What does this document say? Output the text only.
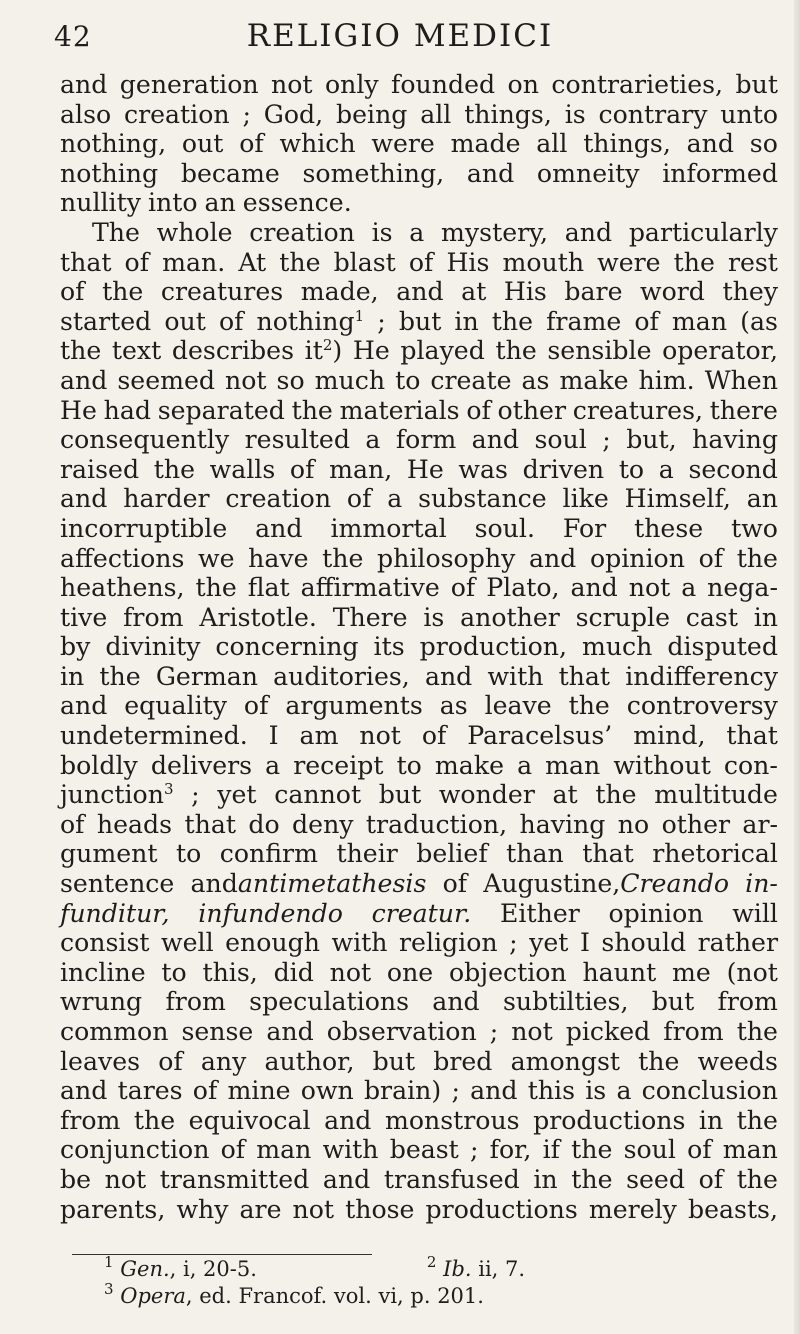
42	RELIGIO MEDICI
and generation not only founded on contrarieties, but
also creation ; God, being all things, is contrary unto
nothing, out of which were made all things, and so
nothing became something, and omneity informed
nullity into an essence.
The whole creation is a mystery, and particularly
that of man. At the blast of His mouth were the rest
of the creatures made, and at His bare word they
started out of nothing1 ; but in the frame of man (as
the text describes it2) He played the sensible operator,
and seemed not so much to create as make him. When
He had separated the materials of other creatures, there
consequently resulted a form and soul ; but, having
raised the walls of man, He was driven to a second
and harder creation of a substance like Himself, an
incorruptible and immortal soul. For these two
affections we have the philosophy and opinion of the
heathens, the flat affirmative of Plato, and not a nega-
tive from Aristotle. There is another scruple cast in
by divinity concerning its production, much disputed
in the German auditories, and with that indifferency
and equality of arguments as leave the controversy
undetermined. I am not of Paracelsus’ mind, that
boldly delivers a receipt to make a man without con-
junction3 ; yet cannot but wonder at the multitude
of heads that do deny traduction, having no other ar-
gument to confirm their belief than that rhetorical
sentence andantimetathesis of Augustine,Creando in-
funditur, infundendo creatur. Either opinion will
consist well enough with religion ; yet I should rather
incline to this, did not one objection haunt me (not
wrung from speculations and subtilties, but from
common sense and observation ; not picked from the
leaves of any author, but bred amongst the weeds
and tares of mine own brain) ; and this is a conclusion
from the equivocal and monstrous productions in the
conjunction of man with beast ; for, if the soul of man
be not transmitted and transfused in the seed of the
parents, why are not those productions merely beasts,
$^1$ Gen., i, 20-5.	$^2$ Ib. ii, 7.
$^3$ Opera, ed. Francof. vol. vi, p. 201.
